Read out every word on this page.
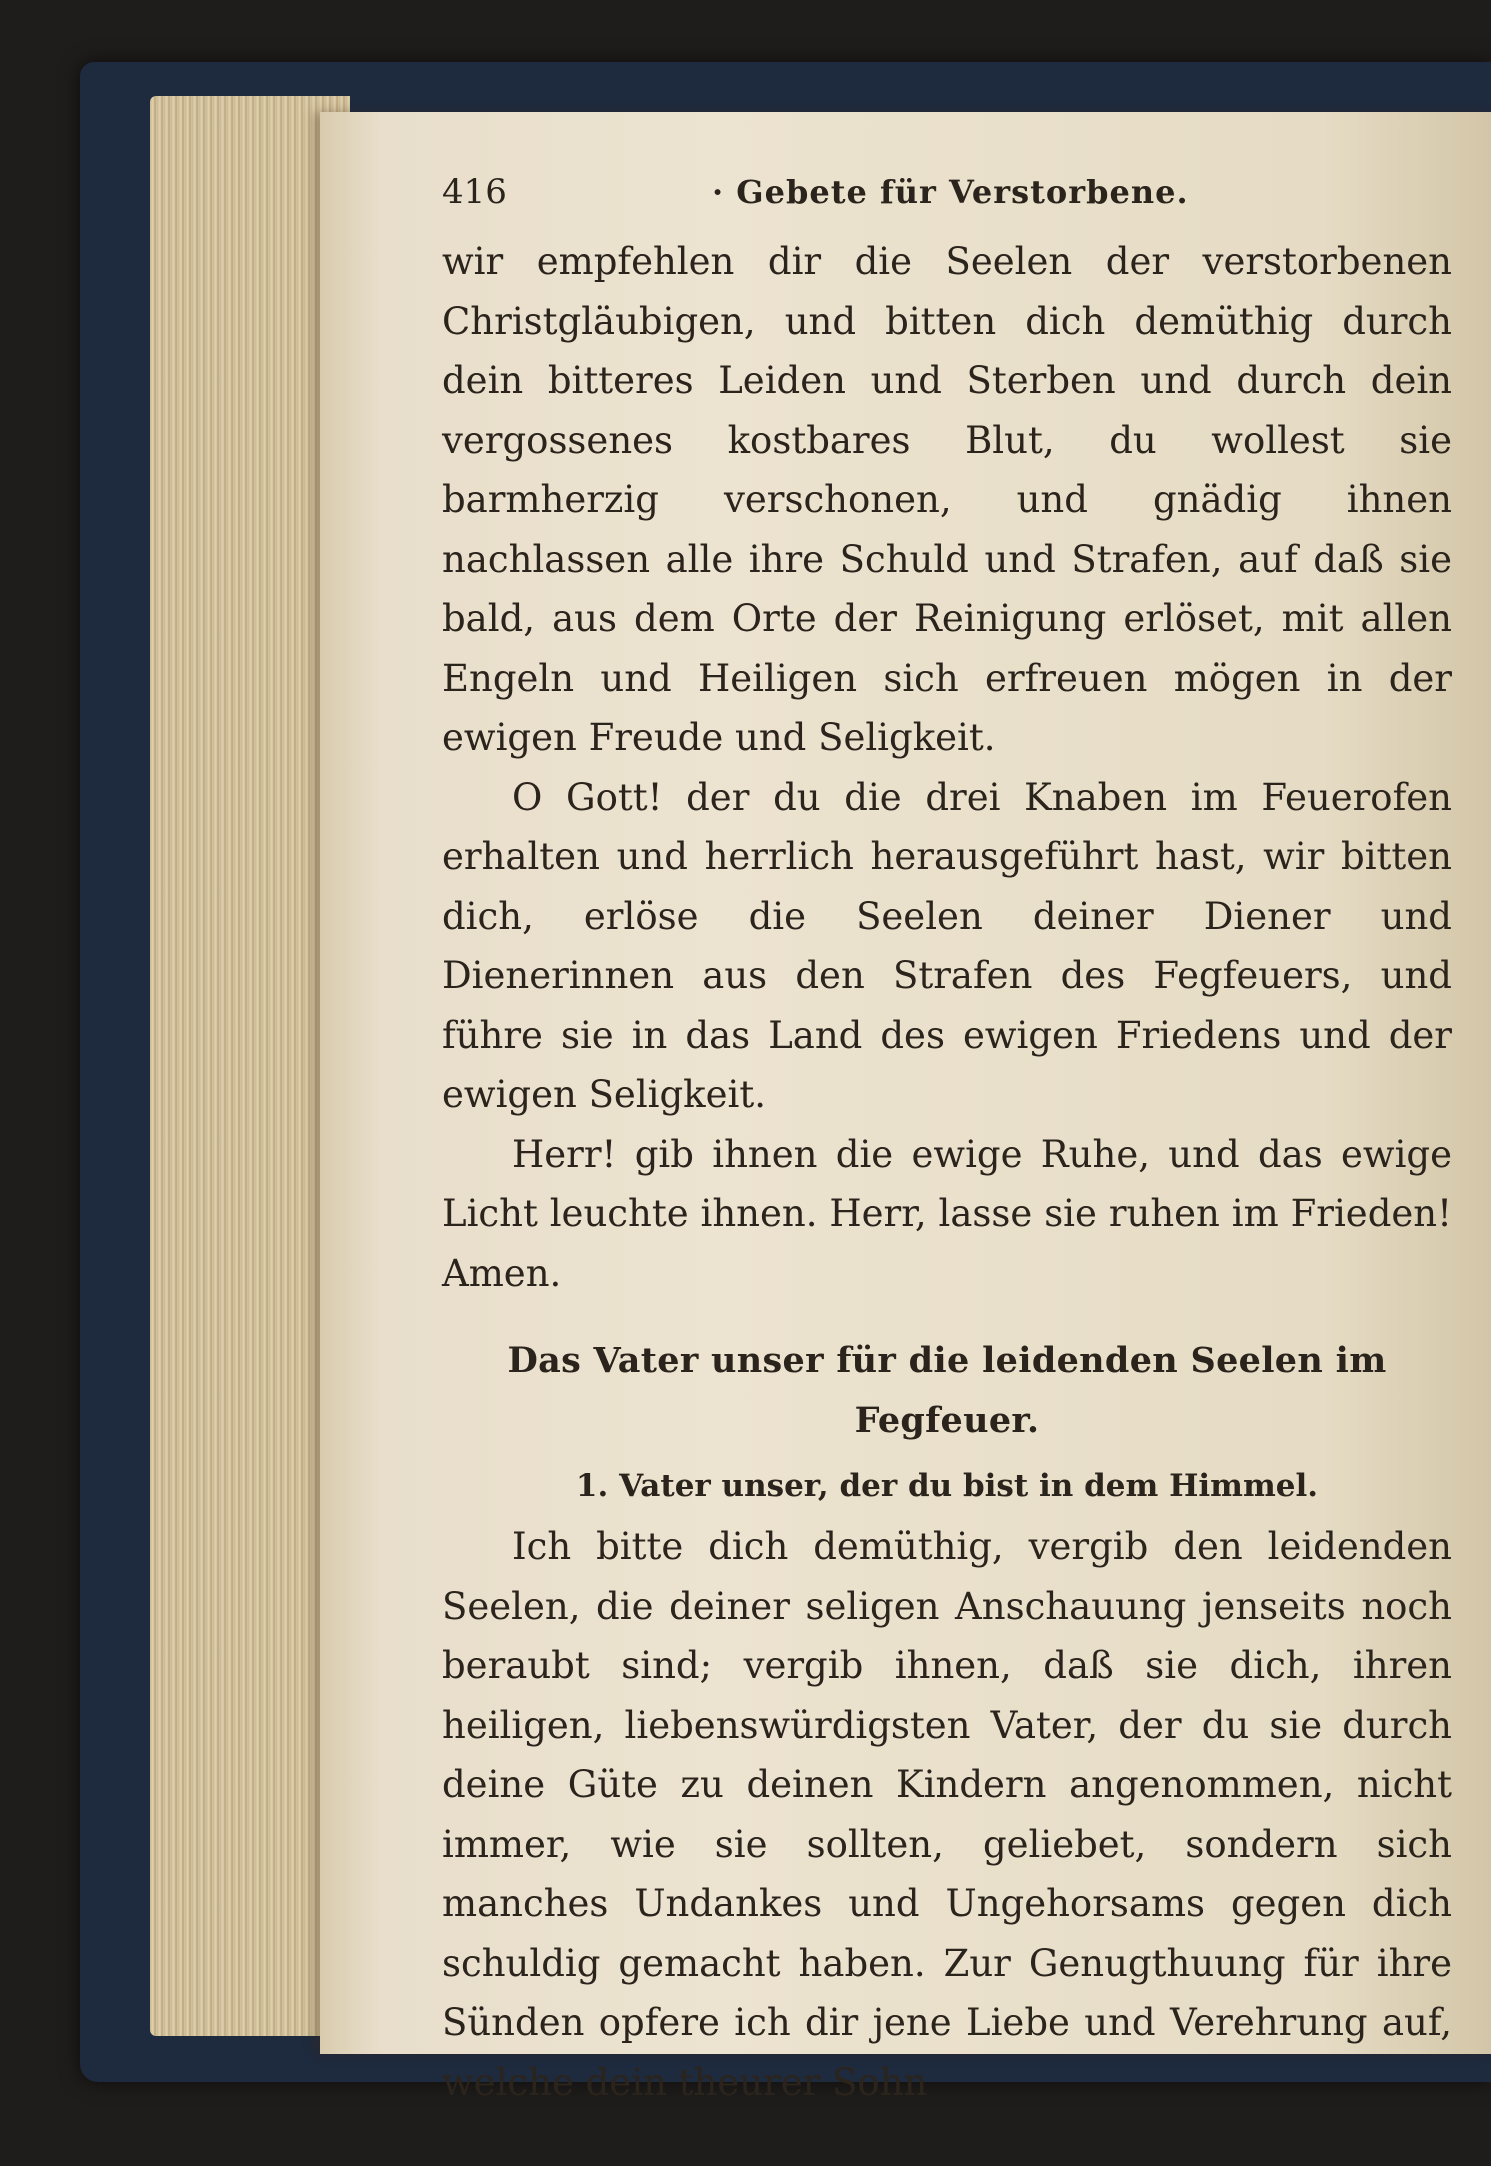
416	· Gebete für Verstorbene.

wir empfehlen dir die Seelen der verstorbenen Christgläubigen, und bitten dich demüthig durch dein bitteres Leiden und Sterben und durch dein vergossenes kostbares Blut, du wollest sie barmherzig verschonen, und gnädig ihnen nachlassen alle ihre Schuld und Strafen, auf daß sie bald, aus dem Orte der Reinigung erlöset, mit allen Engeln und Heiligen sich erfreuen mögen in der ewigen Freude und Seligkeit.

O Gott! der du die drei Knaben im Feuerofen erhalten und herrlich herausgeführt hast, wir bitten dich, erlöse die Seelen deiner Diener und Dienerinnen aus den Strafen des Fegfeuers, und führe sie in das Land des ewigen Friedens und der ewigen Seligkeit.

Herr! gib ihnen die ewige Ruhe, und das ewige Licht leuchte ihnen. Herr, lasse sie ruhen im Frieden! Amen.

Das Vater unser für die leidenden Seelen im Fegfeuer.
1. Vater unser, der du bist in dem Himmel.

Ich bitte dich demüthig, vergib den leidenden Seelen, die deiner seligen Anschauung jenseits noch beraubt sind; vergib ihnen, daß sie dich, ihren heiligen, liebenswürdigsten Vater, der du sie durch deine Güte zu deinen Kindern angenommen, nicht immer, wie sie sollten, geliebet, sondern sich manches Undankes und Ungehorsams gegen dich schuldig gemacht haben. Zur Genugthuung für ihre Sünden opfere ich dir jene Liebe und Verehrung auf, welche dein theurer Sohn
